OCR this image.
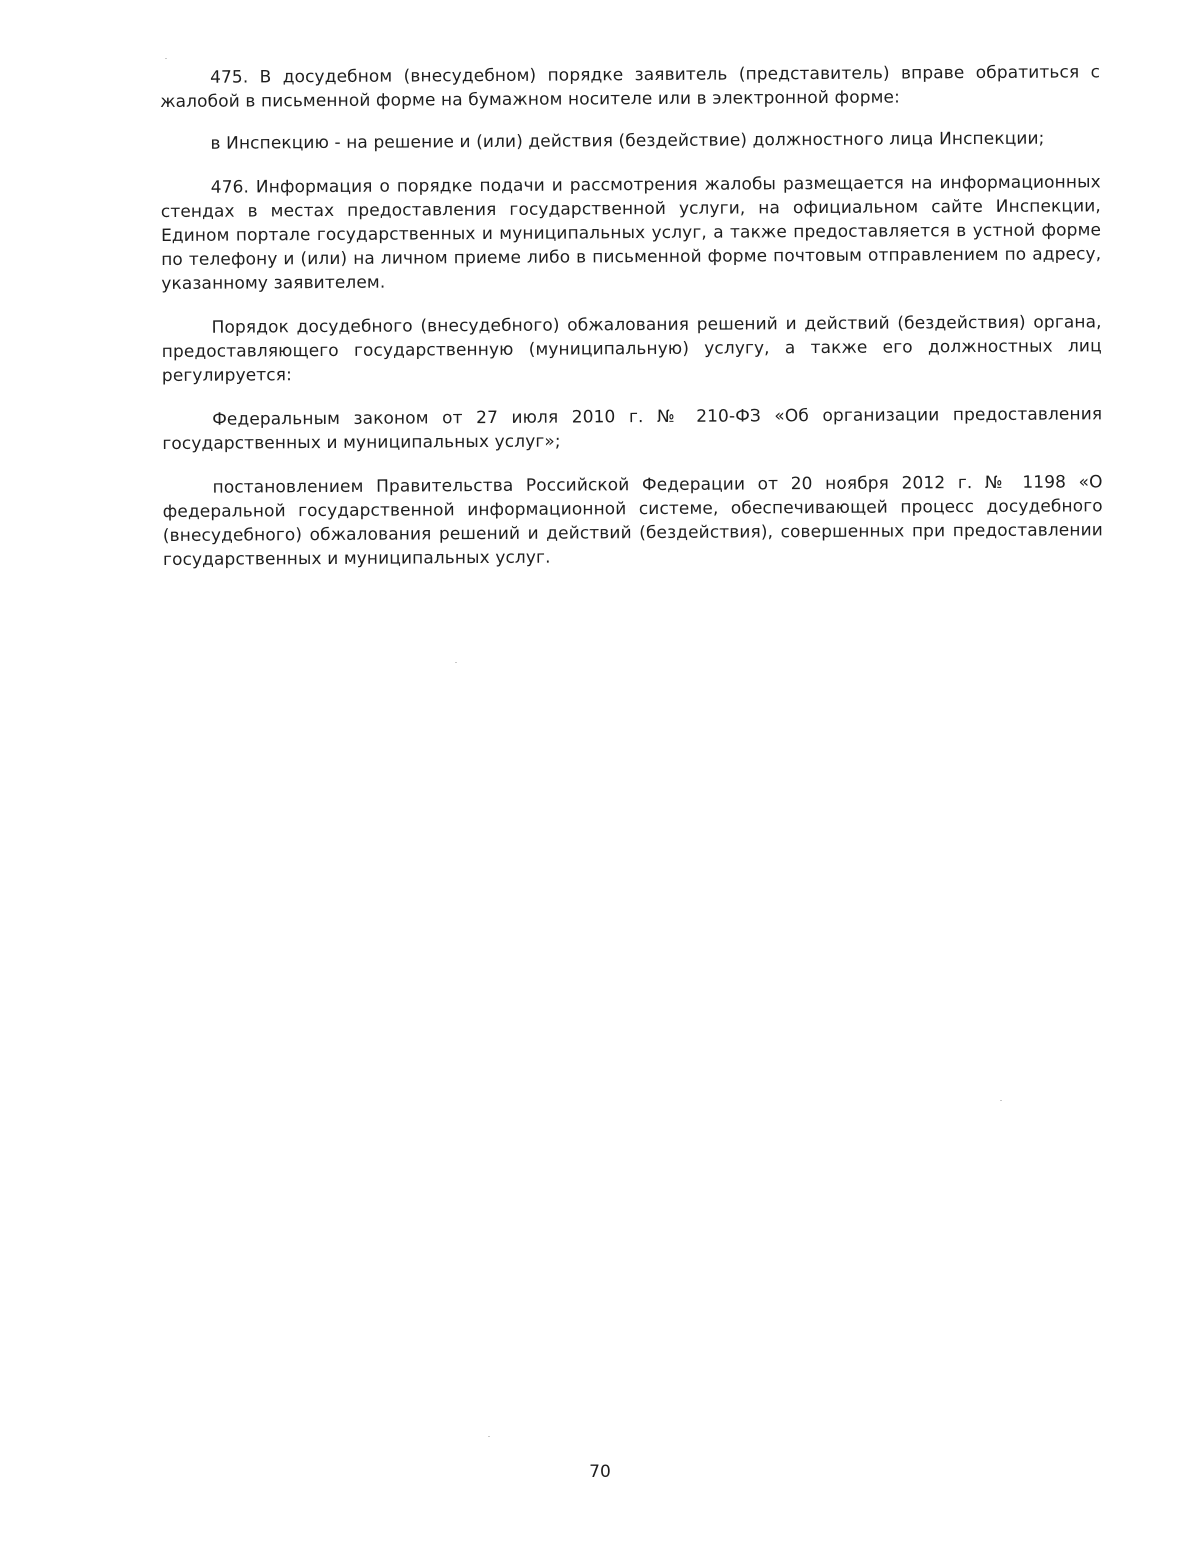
475. В досудебном (внесудебном) порядке заявитель (представитель) вправе обратиться с жалобой в письменной форме на бумажном носителе или в электронной форме:

в Инспекцию - на решение и (или) действия (бездействие) должностного лица Инспекции;

476. Информация о порядке подачи и рассмотрения жалобы размещается на информационных стендах в местах предоставления государственной услуги, на официальном сайте Инспекции, Едином портале государственных и муниципальных услуг, а также предоставляется в устной форме по телефону и (или) на личном приеме либо в письменной форме почтовым отправлением по адресу, указанному заявителем.

Порядок досудебного (внесудебного) обжалования решений и действий (бездействия) органа, предоставляющего государственную (муниципальную) услугу, а также его должностных лиц регулируется:

Федеральным законом от 27 июля 2010 г. № 210-ФЗ «Об организации предоставления государственных и муниципальных услуг»;

постановлением Правительства Российской Федерации от 20 ноября 2012 г. № 1198 «О федеральной государственной информационной системе, обеспечивающей процесс досудебного (внесудебного) обжалования решений и действий (бездействия), совершенных при предоставлении государственных и муниципальных услуг.

70
